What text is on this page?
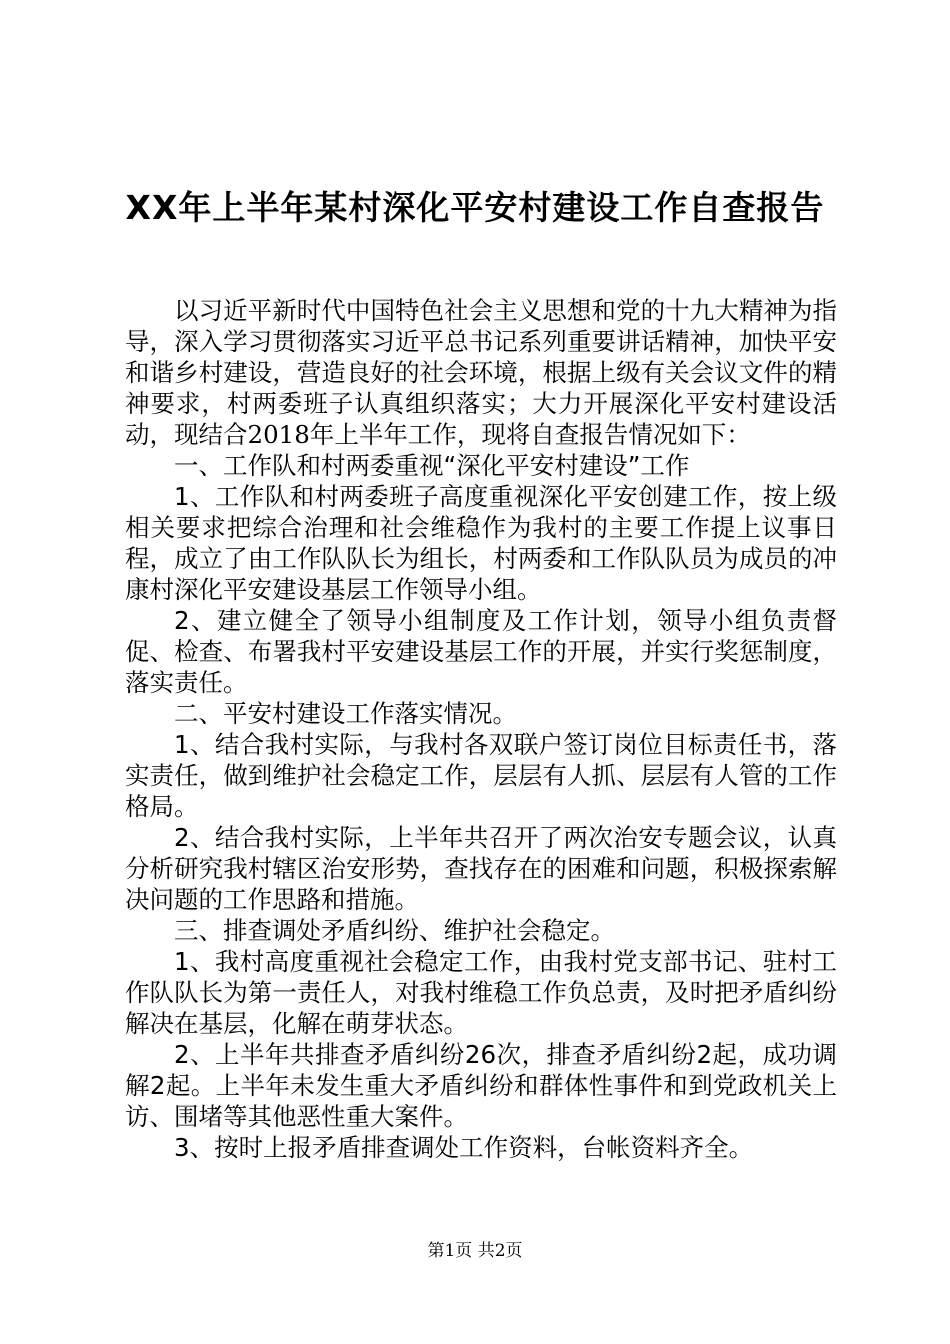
XX年上半年某村深化平安村建设工作自查报告

以习近平新时代中国特色社会主义思想和党的十九大精神为指导，深入学习贯彻落实习近平总书记系列重要讲话精神，加快平安和谐乡村建设，营造良好的社会环境，根据上级有关会议文件的精神要求，村两委班子认真组织落实；大力开展深化平安村建设活动，现结合2018年上半年工作，现将自查报告情况如下：

一、工作队和村两委重视“深化平安村建设”工作

1、工作队和村两委班子高度重视深化平安创建工作，按上级相关要求把综合治理和社会维稳作为我村的主要工作提上议事日程，成立了由工作队队长为组长，村两委和工作队队员为成员的冲康村深化平安建设基层工作领导小组。

2、建立健全了领导小组制度及工作计划，领导小组负责督促、检查、布署我村平安建设基层工作的开展，并实行奖惩制度，落实责任。

二、平安村建设工作落实情况。

1、结合我村实际，与我村各双联户签订岗位目标责任书，落实责任，做到维护社会稳定工作，层层有人抓、层层有人管的工作格局。

2、结合我村实际，上半年共召开了两次治安专题会议，认真分析研究我村辖区治安形势，查找存在的困难和问题，积极探索解决问题的工作思路和措施。

三、排查调处矛盾纠纷、维护社会稳定。

1、我村高度重视社会稳定工作，由我村党支部书记、驻村工作队队长为第一责任人，对我村维稳工作负总责，及时把矛盾纠纷解决在基层，化解在萌芽状态。

2、上半年共排查矛盾纠纷26次，排查矛盾纠纷2起，成功调解2起。上半年未发生重大矛盾纠纷和群体性事件和到党政机关上访、围堵等其他恶性重大案件。

3、按时上报矛盾排查调处工作资料，台帐资料齐全。

第1页 共2页
